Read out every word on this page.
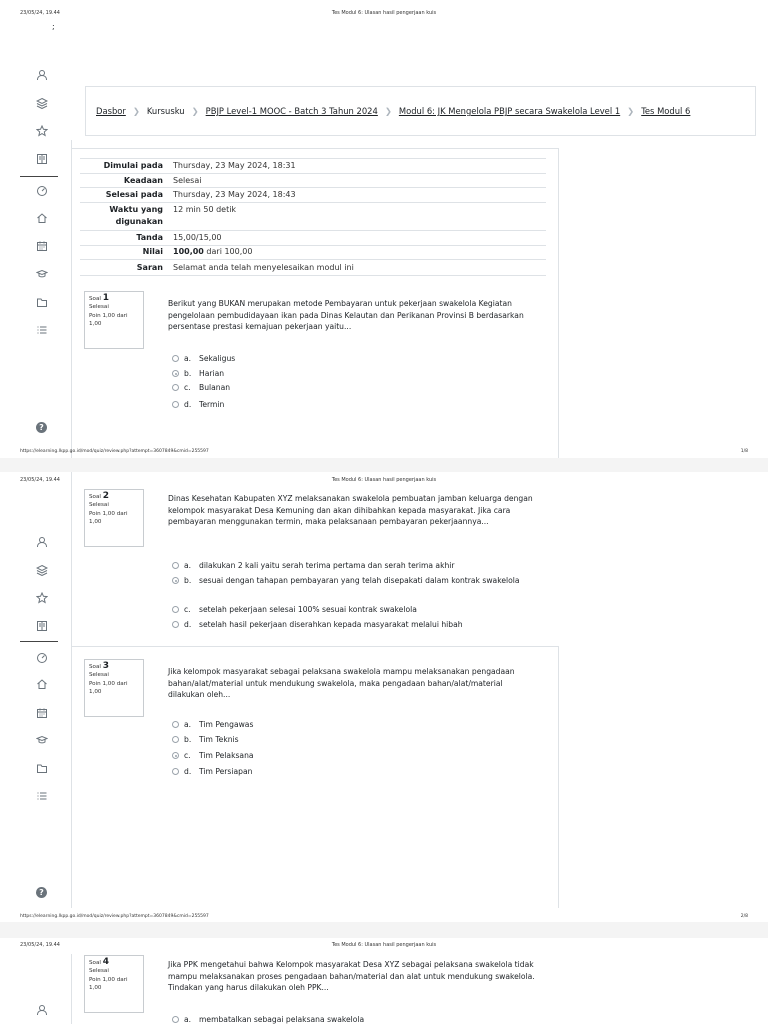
23/05/24, 19.44	Tes Modul 6: Ulasan hasil pengerjaan kuis
;
?
Dasbor ❯ Kursusku ❯ PBJP Level-1 MOOC - Batch 3 Tahun 2024 ❯ Modul 6: JK Mengelola PBJP secara Swakelola Level 1 ❯ Tes Modul 6
Dimulai pada Thursday, 23 May 2024, 18:31
Keadaan Selesai
Selesai pada Thursday, 23 May 2024, 18:43
Waktu yang digunakan
12 min 50 detik
Tanda 15,00/15,00
Nilai 100,00 dari 100,00
Saran Selamat anda telah menyelesaikan modul ini
Soal 1
Selesai
Poin 1,00 dari 1,00
Berikut yang BUKAN merupakan metode Pembayaran untuk pekerjaan swakelola Kegiatan pengelolaan pembudidayaan ikan pada Dinas Kelautan dan Perikanan Provinsi B berdasarkan persentase prestasi kemajuan pekerjaan yaitu...
a. Sekaligus
b. Harian
c. Bulanan
d. Termin
https://elearning.lkpp.go.id/mod/quiz/review.php?attempt=3607849&cmid=255597	1/8
23/05/24, 19.44	Tes Modul 6: Ulasan hasil pengerjaan kuis
?
Soal 2
Selesai
Poin 1,00 dari 1,00
Dinas Kesehatan Kabupaten XYZ melaksanakan swakelola pembuatan jamban keluarga dengan kelompok masyarakat Desa Kemuning dan akan dihibahkan kepada masyarakat. Jika cara pembayaran menggunakan termin, maka pelaksanaan pembayaran pekerjaannya...
a. dilakukan 2 kali yaitu serah terima pertama dan serah terima akhir
b. sesuai dengan tahapan pembayaran yang telah disepakati dalam kontrak swakelola
c. setelah pekerjaan selesai 100% sesuai kontrak swakelola
d. setelah hasil pekerjaan diserahkan kepada masyarakat melalui hibah
Soal 3
Selesai
Poin 1,00 dari 1,00
Jika kelompok masyarakat sebagai pelaksana swakelola mampu melaksanakan pengadaan bahan/alat/material untuk mendukung swakelola, maka pengadaan bahan/alat/material dilakukan oleh...
a. Tim Pengawas
b. Tim Teknis
c. Tim Pelaksana
d. Tim Persiapan
https://elearning.lkpp.go.id/mod/quiz/review.php?attempt=3607849&cmid=255597	2/8
23/05/24, 19.44	Tes Modul 6: Ulasan hasil pengerjaan kuis
Soal 4
Selesai
Poin 1,00 dari 1,00
Jika PPK mengetahui bahwa Kelompok masyarakat Desa XYZ sebagai pelaksana swakelola tidak mampu melaksanakan proses pengadaan bahan/material dan alat untuk mendukung swakelola. Tindakan yang harus dilakukan oleh PPK...
a. membatalkan sebagai pelaksana swakelola
